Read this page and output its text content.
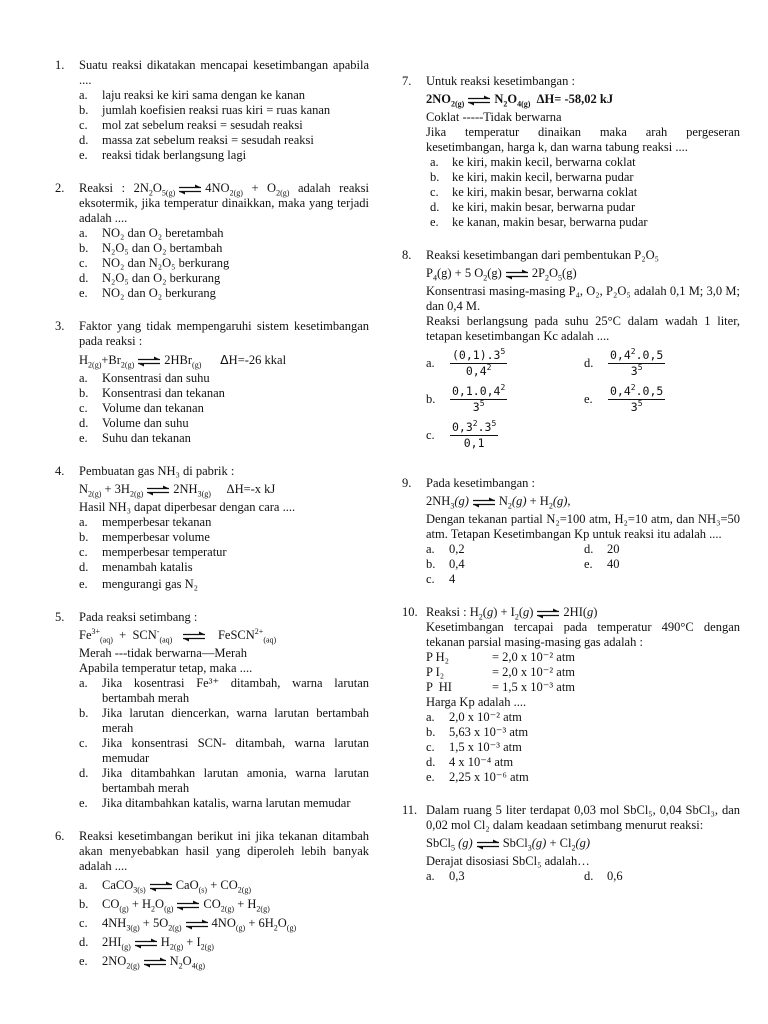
1. Suatu reaksi dikatakan mencapai kesetimbangan apabila ....
a. laju reaksi ke kiri sama dengan ke kanan
b. jumlah koefisien reaksi ruas kiri = ruas kanan
c. mol zat sebelum reaksi = sesudah reaksi
d. massa zat sebelum reaksi = sesudah reaksi
e. reaksi tidak berlangsung lagi
2. Reaksi : $2N_2O_{5(g)}$ $4NO_{2(g)} + O_{2(g)}$ adalah reaksi eksotermik, jika temperatur dinaikkan, maka yang terjadi adalah ....
a. NO₂ dan O₂ beretambah
b. N₂O₅ dan O₂ bertambah
c. NO₂ dan N₂O₅ berkurang
d. N₂O₅ dan O₂ berkurang
e. NO₂ dan O₂ berkurang
3. Faktor yang tidak mempengaruhi sistem kesetimbangan pada reaksi :
$H_{2(g)}+Br_{2(g)}$ 2HBr$_{(g)}$ ΔH=-26 kkal
a. Konsentrasi dan suhu
b. Konsentrasi dan tekanan
c. Volume dan tekanan
d. Volume dan suhu
e. Suhu dan tekanan
4. Pembuatan gas NH₃ di pabrik :
$N_{2(g)} + 3H_{2(g)}$ $2NH_{3(g)}$ ΔH=-x kJ
Hasil NH₃ dapat diperbesar dengan cara ....
a. memperbesar tekanan
b. memperbesar volume
c. memperbesar temperatur
d. menambah katalis
e. mengurangi gas N₂
5. Pada reaksi setimbang :
$Fe^{3+}_{(aq)} + SCN^-_{(aq)}$	FeSCN$^{2+}_{(aq)}$
Merah ---tidak berwarna—Merah
Apabila temperatur tetap, maka ....
a. Jika kosentrasi Fe³⁺ ditambah, warna larutan bertambah merah
b. Jika larutan diencerkan, warna larutan bertambah merah
c. Jika konsentrasi SCN- ditambah, warna larutan memudar
d. Jika ditambahkan larutan amonia, warna larutan bertambah merah
e. Jika ditambahkan katalis, warna larutan memudar
6. Reaksi kesetimbangan berikut ini jika tekanan ditambah akan menyebabkan hasil yang diperoleh lebih banyak adalah ....
a. CaCO$_{3(s)}$ $CaO_{(s)} + CO_{2(g)}$
b. $CO_{(g)} + H_2O_{(g)}$ $CO_{2(g)} + H_{2(g)}$
c. $4NH_{3(g)} + 5O_{2(g)}$ $4NO_{(g)} + 6H_2O_{(g)}$
d. $2HI_{(g)}$ $H_{2(g)} + I_{2(g)}$
e. $2NO_{2(g)}$ $N_2O_{4(g)}$
7. Untuk reaksi kesetimbangan :
$2NO_{2(g)}$ $N_2O_{4(g)}$ ΔH= -58,02 kJ
Coklat -----Tidak berwarna
Jika temperatur dinaikan maka arah pergeseran kesetimbangan, harga k, dan warna tabung reaksi ....
a. ke kiri, makin kecil, berwarna coklat
b. ke kiri, makin kecil, berwarna pudar
c. ke kiri, makin besar, berwarna coklat
d. ke kiri, makin besar, berwarna pudar
e. ke kanan, makin besar, berwarna pudar
8. Reaksi kesetimbangan dari pembentukan P₂O₅
$P_4(g) + 5$ $O_2(g)$ $2P_2O_5(g)$
Konsentrasi masing-masing P₄, O₂, P₂O₅ adalah 0,1 M; 3,0 M; dan 0,4 M.
Reaksi berlangsung pada suhu 25°C dalam wadah 1 liter, tetapan kesetimbangan Kc adalah ....
a.	$\frac{(0,1).3^5}{0,4^2}$	d.	$\frac{0,4^2.0,5}{3^5}$
b.	$\frac{0,1.0,4^2}{3^5}$	e.	$\frac{0,4^2.0,5}{3^5}$
c.	$\frac{0,3^2.3^5}{0,1}$
9. Pada kesetimbangan :
$2NH_3(g) N_2(g) + H_2(g)$,
Dengan tekanan partial N₂=100 atm, H₂=10 atm, dan NH₃=50 atm. Tetapan Kesetimbangan Kp untuk reaksi itu adalah ....
a. 0,2	d. 20
b. 0,4	e. 40
c. 4
10. Reaksi : $H_2(g) + I_2(g)$ 2HI(g)
Kesetimbangan tercapai pada temperatur 490°C dengan tekanan parsial masing-masing gas adalah :
P H₂	= 2,0 x 10⁻² atm
P I₂	= 2,0 x 10⁻² atm
P  HI	= 1,5 x 10⁻³ atm
Harga Kp adalah ....
a. 2,0 x 10⁻² atm
b. 5,63 x 10⁻³ atm
c. 1,5 x 10⁻³ atm
d. 4 x 10⁻⁴ atm
e. 2,25 x 10⁻⁶ atm
11. Dalam ruang 5 liter terdapat 0,03 mol SbCl₅, 0,04 SbCl₃, dan 0,02 mol Cl₂ dalam keadaan setimbang menurut reaksi:
SbCl$_5$ (g) SbCl$_3$(g) + $Cl_2(g)$
Derajat disosiasi SbCl₅ adalah…
a. 0,3	d. 0,6
